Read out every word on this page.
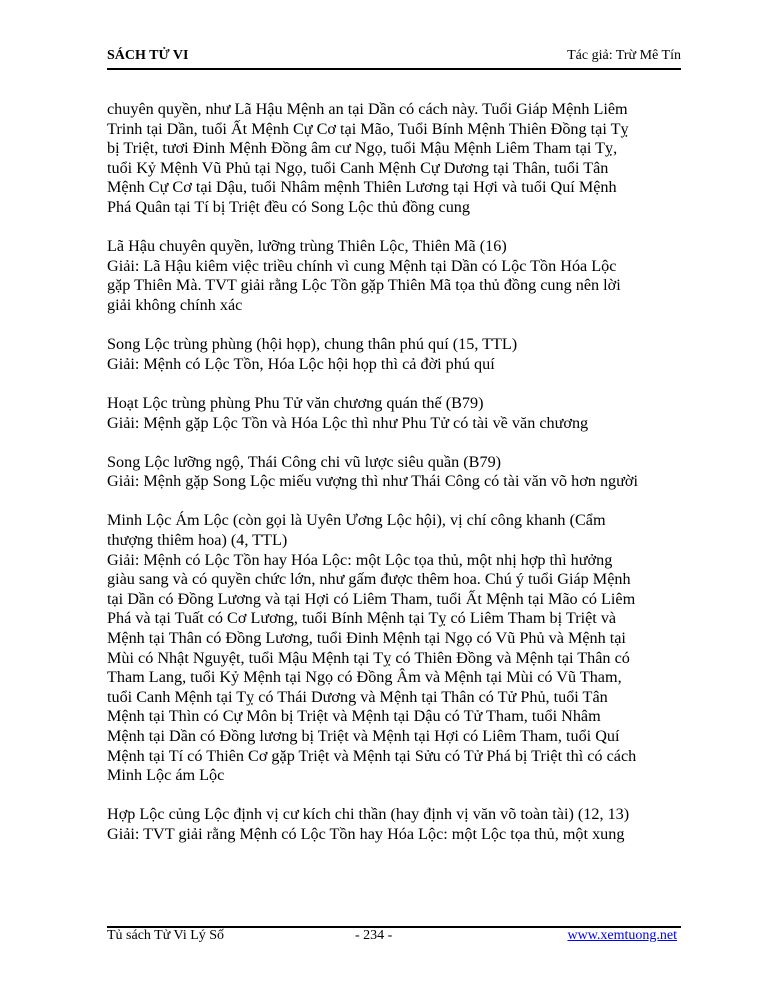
SÁCH TỬ VI	Tác giả: Trừ Mê Tín

chuyên quyền, như Lã Hậu Mệnh an tại Dần có cách này. Tuổi Giáp Mệnh Liêm

Trinh tại Dần, tuổi Ất Mệnh Cự Cơ tại Mão, Tuổi Bính Mệnh Thiên Đồng tại Tỵ

bị Triệt, tươi Đinh Mệnh Đồng âm cư Ngọ, tuổi Mậu Mệnh Liêm Tham tại Tỵ,

tuổi Kỷ Mệnh Vũ Phủ tại Ngọ, tuổi Canh Mệnh Cự Dương tại Thân, tuổi Tân

Mệnh Cự Cơ tại Dậu, tuổi Nhâm mệnh Thiên Lương tại Hợi và tuổi Quí Mệnh

Phá Quân tại Tí bị Triệt đều có Song Lộc thủ đồng cung

Lã Hậu chuyên quyền, lưỡng trùng Thiên Lộc, Thiên Mã (16)

Giải: Lã Hậu kiêm việc triều chính vì cung Mệnh tại Dần có Lộc Tồn Hóa Lộc

gặp Thiên Mà. TVT giải rằng Lộc Tồn gặp Thiên Mã tọa thủ đồng cung nên lời

giải không chính xác

Song Lộc trùng phùng (hội họp), chung thân phú quí (15, TTL)

Giải: Mệnh có Lộc Tồn, Hóa Lộc hội họp thì cả đời phú quí

Hoạt Lộc trùng phùng Phu Tử văn chương quán thế (B79)

Giải: Mệnh gặp Lộc Tồn và Hóa Lộc thì như Phu Tử có tài về văn chương

Song Lộc lưỡng ngộ, Thái Công chi vũ lược siêu quần (B79)

Giải: Mệnh gặp Song Lộc miếu vượng thì như Thái Công có tài văn võ hơn người

Minh Lộc Ám Lộc (còn gọi là Uyên Ương Lộc hội), vị chí công khanh (Cẩm

thượng thiêm hoa) (4, TTL)

Giải: Mệnh có Lộc Tồn hay Hóa Lộc: một Lộc tọa thủ, một nhị hợp thì hưởng

giàu sang và có quyền chức lớn, như gấm được thêm hoa. Chú ý tuổi Giáp Mệnh

tại Dần có Đồng Lương và tại Hợi có Liêm Tham, tuổi Ất Mệnh tại Mão có Liêm

Phá và tại Tuất có Cơ Lương, tuổi Bính Mệnh tại Tỵ có Liêm Tham bị Triệt và

Mệnh tại Thân có Đồng Lương, tuổi Đinh Mệnh tại Ngọ có Vũ Phủ và Mệnh tại

Mùi có Nhật Nguyệt, tuổi Mậu Mệnh tại Tỵ có Thiên Đồng và Mệnh tại Thân có

Tham Lang, tuổi Kỷ Mệnh tại Ngọ có Đồng Âm và Mệnh tại Mùi có Vũ Tham,

tuổi Canh Mệnh tại Tỵ có Thái Dương và Mệnh tại Thân có Tử Phủ, tuổi Tân

Mệnh tại Thìn có Cự Môn bị Triệt và Mệnh tại Dậu có Tử Tham, tuổi Nhâm

Mệnh tại Dần có Đồng lương bị Triệt và Mệnh tại Hợi có Liêm Tham, tuổi Quí

Mệnh tại Tí có Thiên Cơ gặp Triệt và Mệnh tại Sửu có Tử Phá bị Triệt thì có cách

Minh Lộc ám Lộc

Hợp Lộc củng Lộc định vị cư kích chi thần (hay định vị văn võ toàn tài) (12, 13)

Giải: TVT giải rằng Mệnh có Lộc Tồn hay Hóa Lộc: một Lộc tọa thủ, một xung

Tủ sách Tử Vi Lý Số	- 234 -	www.xemtuong.net
